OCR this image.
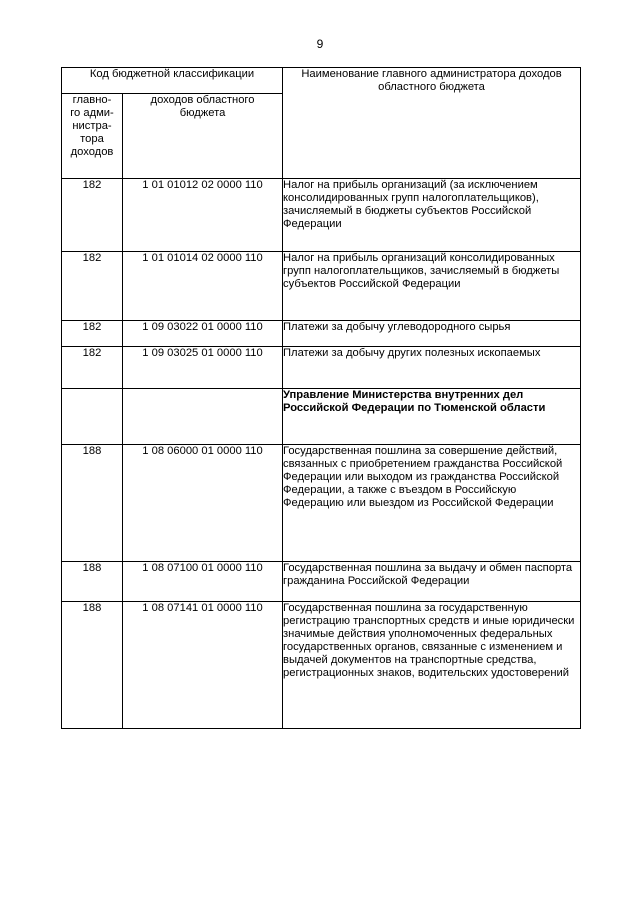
9
Код бюджетной классификации		Наименование главного администратора доходов областного бюджета
главно-
го адми-
нистра-
тора
доходов	доходов областного бюджета	
182	1 01 01012 02 0000 110	Налог на прибыль организаций (за исключением консолидированных групп налогоплательщиков), зачисляемый в бюджеты субъектов Российской Федерации
182	1 01 01014 02 0000 110	Налог на прибыль организаций консолидированных групп налогоплательщиков, зачисляемый в бюджеты субъектов Российской Федерации
182	1 09 03022 01 0000 110	Платежи за добычу углеводородного сырья
182	1 09 03025 01 0000 110	Платежи за добычу других полезных ископаемых
		Управление Министерства внутренних дел Российской Федерации по Тюменской области
188	1 08 06000 01 0000 110	Государственная пошлина за совершение действий, связанных с приобретением гражданства Российской Федерации или выходом из гражданства Российской Федерации, а также с въездом в Российскую Федерацию или выездом из Российской Федерации
188	1 08 07100 01 0000 110	Государственная пошлина за выдачу и обмен паспорта гражданина Российской Федерации
188	1 08 07141 01 0000 110	Государственная пошлина за государственную регистрацию транспортных средств и иные юридически значимые действия уполномоченных федеральных государственных органов, связанные с изменением и выдачей документов на транспортные средства, регистрационных знаков, водительских удостоверений
